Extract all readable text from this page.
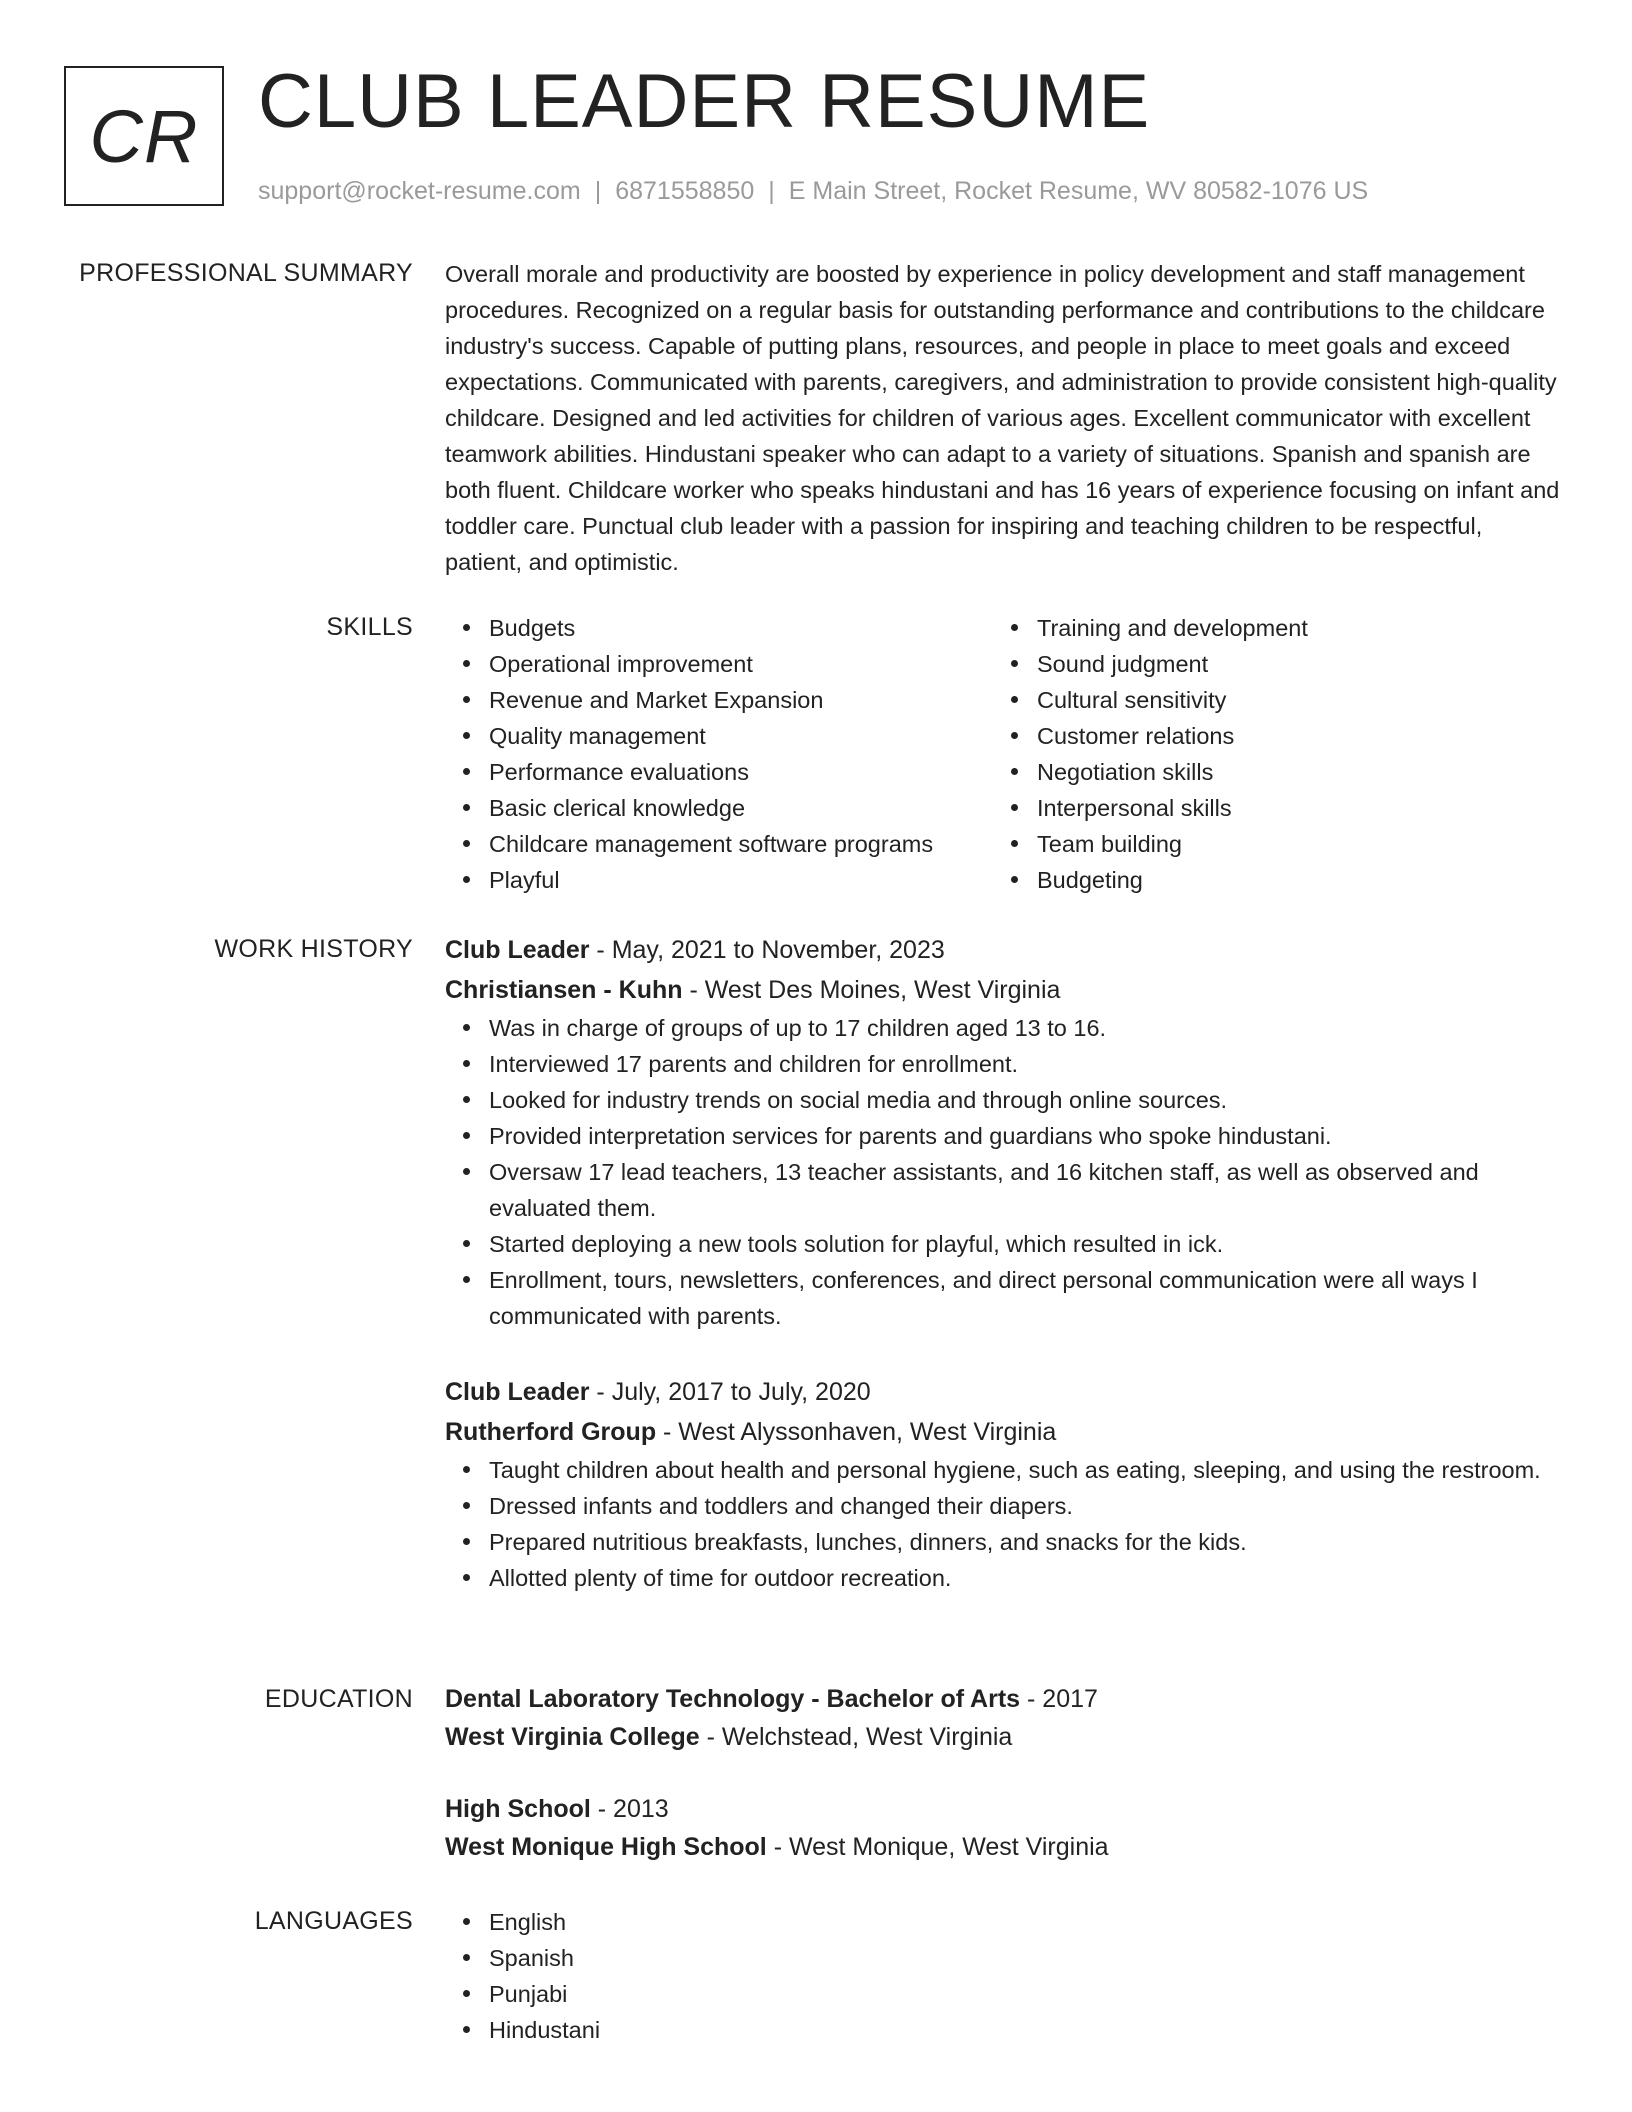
CR CLUB LEADER RESUME
support@rocket-resume.com | 6871558850 | E Main Street, Rocket Resume, WV 80582-1076 US
PROFESSIONAL SUMMARY Overall morale and productivity are boosted by experience in policy development and staff management procedures. Recognized on a regular basis for outstanding performance and contributions to the childcare industry's success. Capable of putting plans, resources, and people in place to meet goals and exceed expectations. Communicated with parents, caregivers, and administration to provide consistent high-quality childcare. Designed and led activities for children of various ages. Excellent communicator with excellent teamwork abilities. Hindustani speaker who can adapt to a variety of situations. Spanish and spanish are both fluent. Childcare worker who speaks hindustani and has 16 years of experience focusing on infant and toddler care. Punctual club leader with a passion for inspiring and teaching children to be respectful, patient, and optimistic.

SKILLS	Budgets
Operational improvement
Revenue and Market Expansion
Quality management
Performance evaluations
Basic clerical knowledge
Childcare management software programs
Playful
Training and development
Sound judgment
Cultural sensitivity
Customer relations
Negotiation skills
Interpersonal skills
Team building
Budgeting
WORK HISTORY Club Leader - May, 2021 to November, 2023
Christiansen - Kuhn - West Des Moines, West Virginia
Was in charge of groups of up to 17 children aged 13 to 16.
Interviewed 17 parents and children for enrollment.
Looked for industry trends on social media and through online sources.
Provided interpretation services for parents and guardians who spoke hindustani.
Oversaw 17 lead teachers, 13 teacher assistants, and 16 kitchen staff, as well as observed and evaluated them.
Started deploying a new tools solution for playful, which resulted in ick.
Enrollment, tours, newsletters, conferences, and direct personal communication were all ways I communicated with parents.
Club Leader - July, 2017 to July, 2020
Rutherford Group - West Alyssonhaven, West Virginia
Taught children about health and personal hygiene, such as eating, sleeping, and using the restroom.
Dressed infants and toddlers and changed their diapers.
Prepared nutritious breakfasts, lunches, dinners, and snacks for the kids.
Allotted plenty of time for outdoor recreation.
EDUCATION Dental Laboratory Technology - Bachelor of Arts - 2017
West Virginia College - Welchstead, West Virginia
High School - 2013
West Monique High School - West Monique, West Virginia
LANGUAGES	English
Spanish
Punjabi
Hindustani
